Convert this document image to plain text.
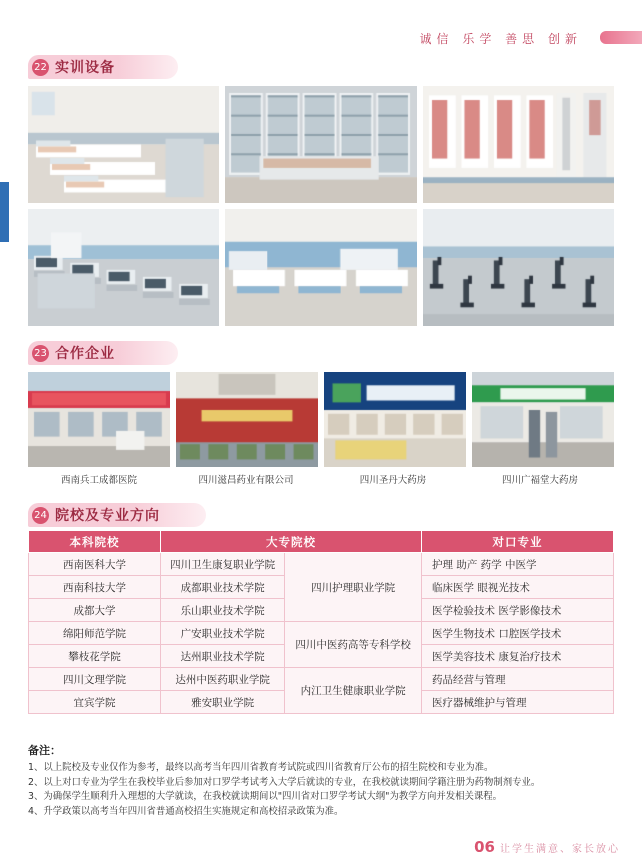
诚信 乐学 善思 创新
22 实训设备
23 合作企业
西南兵工成都医院	四川滋昌药业有限公司	四川圣丹大药房	四川广福堂大药房
24 院校及专业方向
本科院校	大专院校		对口专业
西南医科大学	四川卫生康复职业学院	四川护理职业学院	护理 助产 药学 中医学
西南科技大学	成都职业技术学院		临床医学 眼视光技术
成都大学	乐山职业技术学院		医学检验技术 医学影像技术
绵阳师范学院	广安职业技术学院	四川中医药高等专科学校	医学生物技术 口腔医学技术
攀枝花学院	达州职业技术学院		医学美容技术 康复治疗技术
四川文理学院	达州中医药职业学院	内江卫生健康职业学院	药品经营与管理
宜宾学院	雅安职业学院		医疗器械维护与管理
备注：
1、以上院校及专业仅作为参考，最终以高考当年四川省教育考试院或四川省教育厅公布的招生院校和专业为准。
2、以上对口专业为学生在我校毕业后参加对口罗学考试考入大学后就读的专业，在我校就读期间学籍注册为药物制剂专业。
3、为确保学生顺利升入理想的大学就读，在我校就读期间以"四川省对口罗学考试大纲"为教学方向并发相关课程。
4、升学政策以高考当年四川省普通高校招生实施规定和高校招录政策为准。
06 让学生满意、家长放心
